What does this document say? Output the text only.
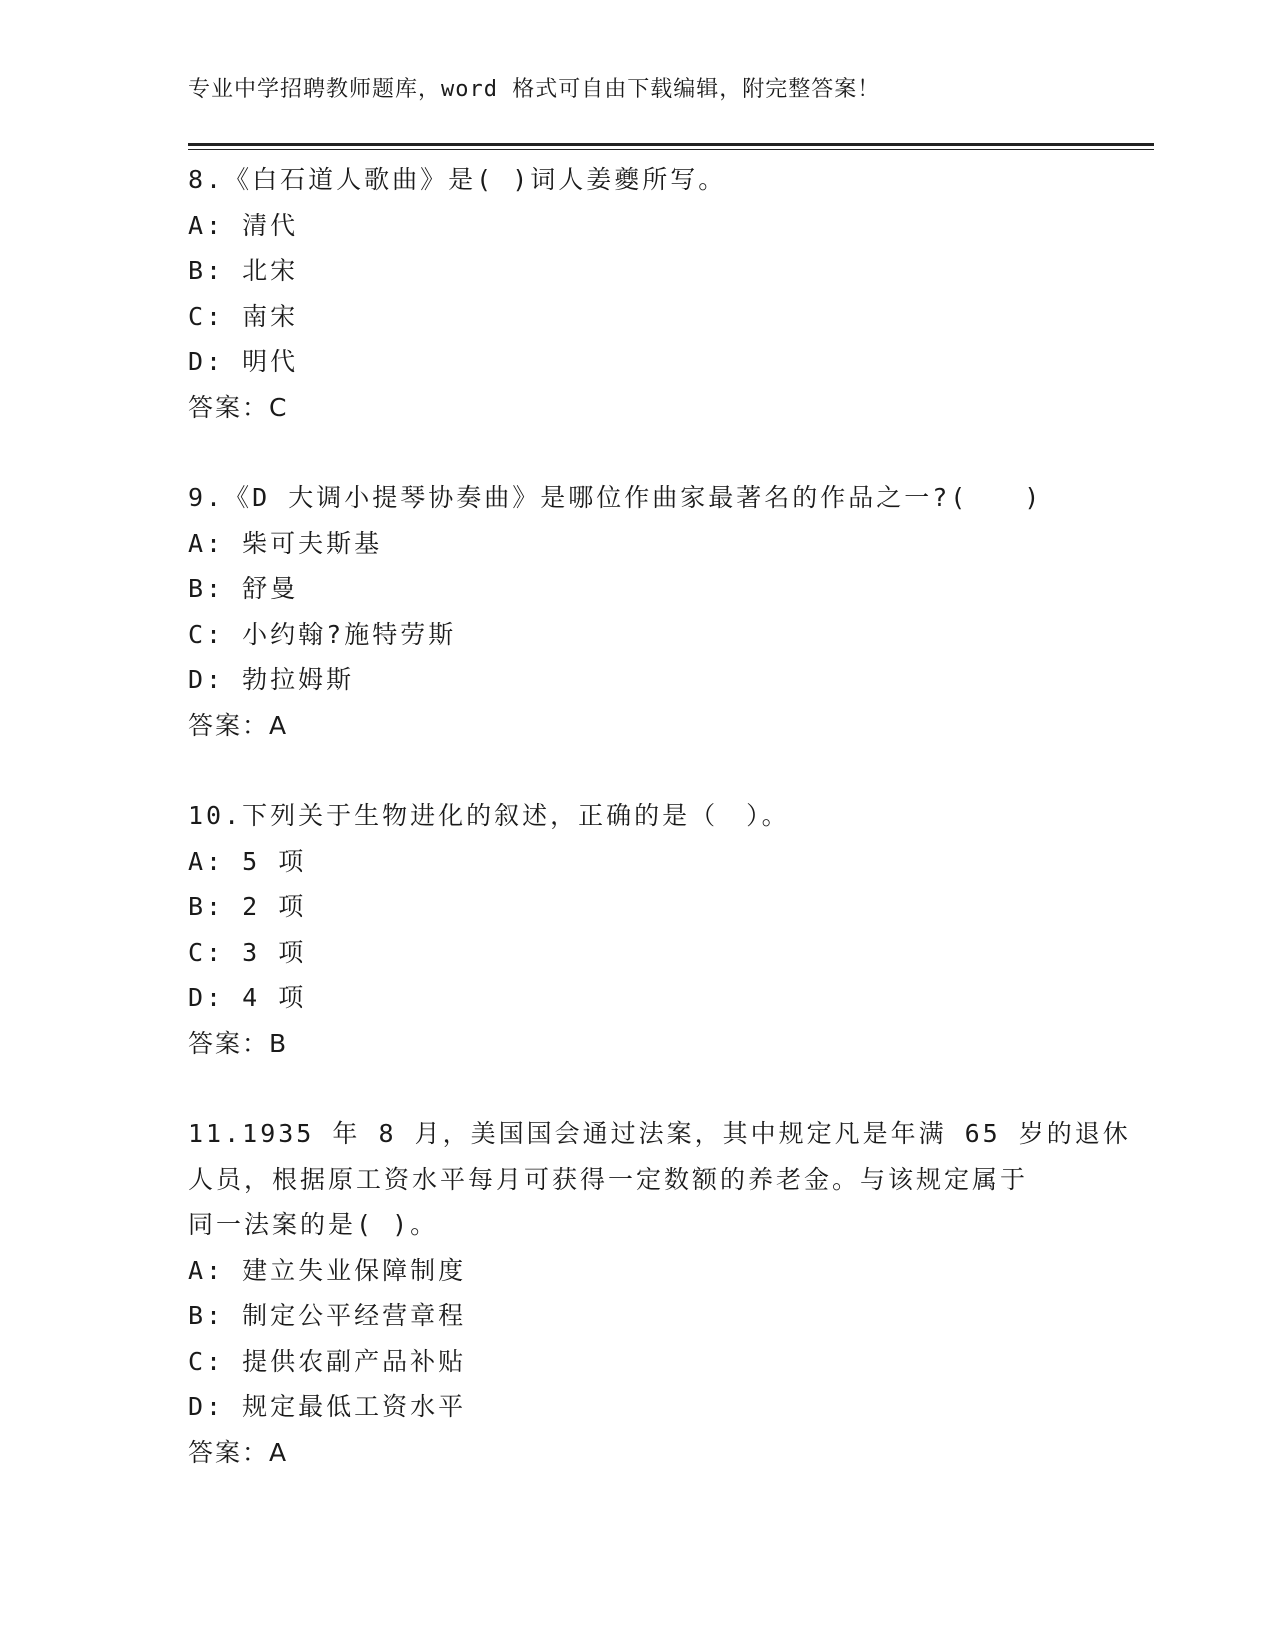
专业中学招聘教师题库，word 格式可自由下载编辑，附完整答案！
8.《白石道人歌曲》是( )词人姜夔所写。
A: 清代
B: 北宋
C: 南宋
D: 明代
答案：C
9.《D 大调小提琴协奏曲》是哪位作曲家最著名的作品之一?(　　)
A: 柴可夫斯基
B: 舒曼
C: 小约翰?施特劳斯
D: 勃拉姆斯
答案：A
10.下列关于生物进化的叙述，正确的是（　）。
A: 5 项
B: 2 项
C: 3 项
D: 4 项
答案：B
11.1935 年 8 月，美国国会通过法案，其中规定凡是年满 65 岁的退休
人员，根据原工资水平每月可获得一定数额的养老金。与该规定属于
同一法案的是( )。
A: 建立失业保障制度
B: 制定公平经营章程
C: 提供农副产品补贴
D: 规定最低工资水平
答案：A
